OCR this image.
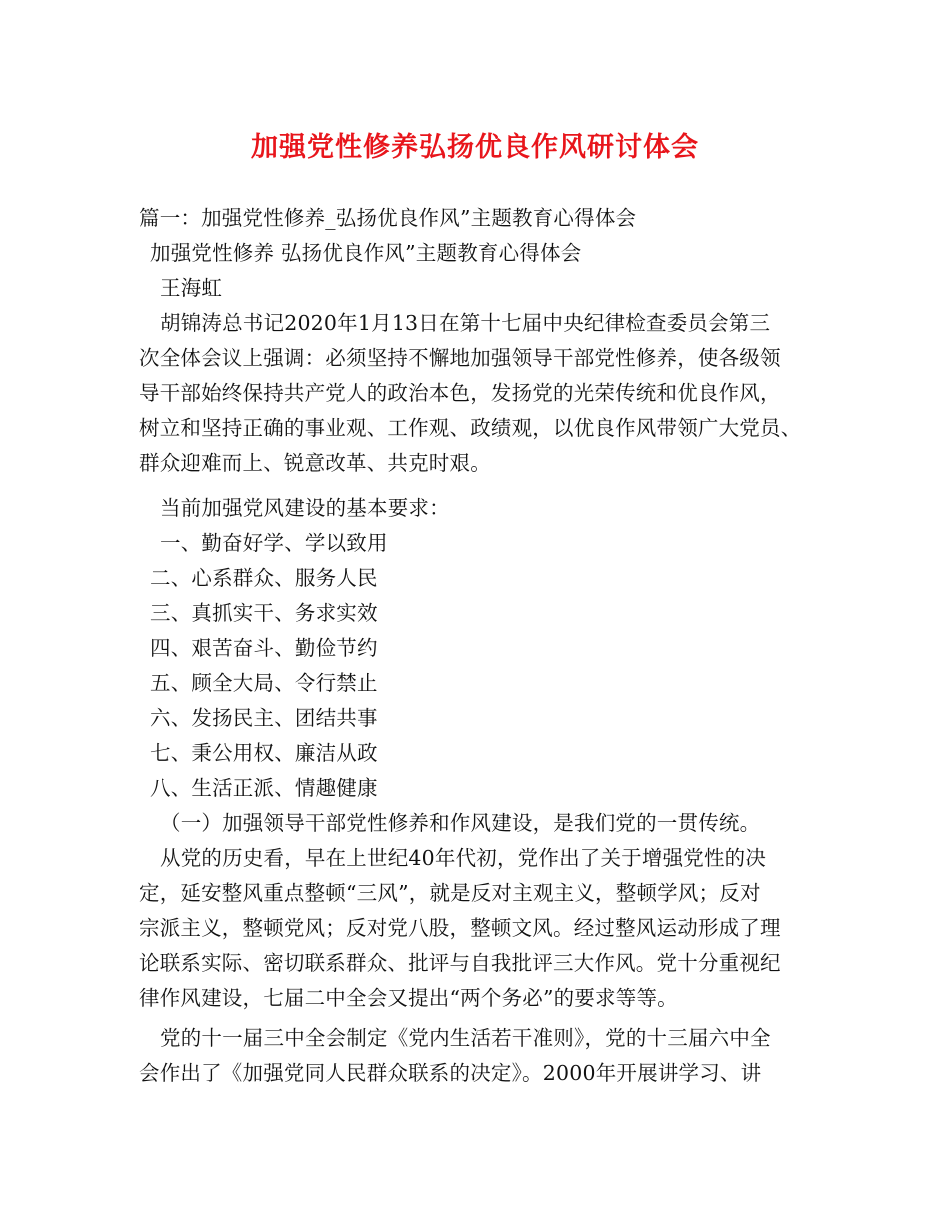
加强党性修养弘扬优良作风研讨体会
篇一：加强党性修养_弘扬优良作风”主题教育心得体会
加强党性修养 弘扬优良作风”主题教育心得体会
王海虹
胡锦涛总书记2020年1月13日在第十七届中央纪律检查委员会第三
次全体会议上强调：必须坚持不懈地加强领导干部党性修养，使各级领
导干部始终保持共产党人的政治本色，发扬党的光荣传统和优良作风，
树立和坚持正确的事业观、工作观、政绩观，以优良作风带领广大党员、
群众迎难而上、锐意改革、共克时艰。
当前加强党风建设的基本要求：
一、勤奋好学、学以致用
二、心系群众、服务人民
三、真抓实干、务求实效
四、艰苦奋斗、勤俭节约
五、顾全大局、令行禁止
六、发扬民主、团结共事
七、秉公用权、廉洁从政
八、生活正派、情趣健康
（一）加强领导干部党性修养和作风建设，是我们党的一贯传统。
从党的历史看，早在上世纪40年代初，党作出了关于增强党性的决
定，延安整风重点整顿“三风”，就是反对主观主义，整顿学风；反对
宗派主义，整顿党风；反对党八股，整顿文风。经过整风运动形成了理
论联系实际、密切联系群众、批评与自我批评三大作风。党十分重视纪
律作风建设，七届二中全会又提出“两个务必”的要求等等。
党的十一届三中全会制定《党内生活若干准则》，党的十三届六中全
会作出了《加强党同人民群众联系的决定》。2000年开展讲学习、讲
